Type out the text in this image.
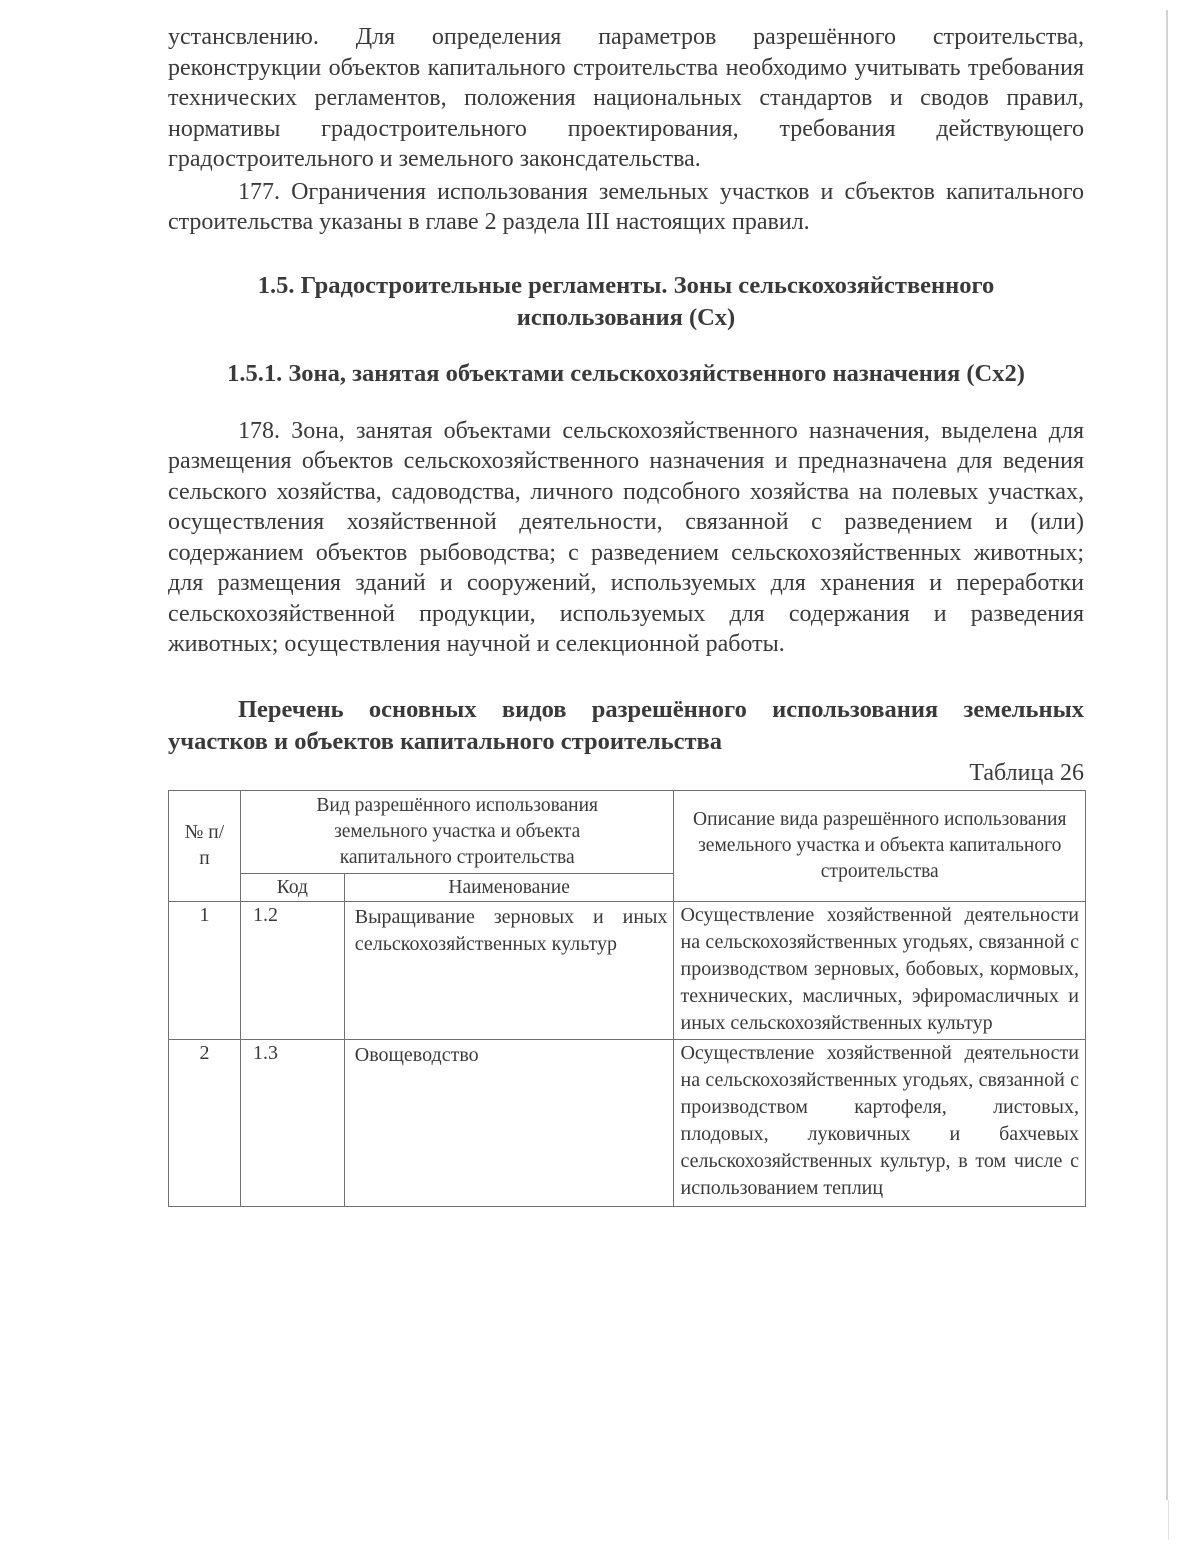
устансвлению. Для определения параметров разрешённого строительства, реконструкции объектов капитального строительства необходимо учитывать требования технических регламентов, положения национальных стандартов и сводов правил, нормативы градостроительного проектирования, требования действующего градостроительного и земельного законсдательства.

177. Ограничения использования земельных участков и сбъектов капитального строительства указаны в главе 2 раздела III настоящих правил.

1.5. Градостроительные регламенты. Зоны сельскохозяйственного использования (Сх)
1.5.1. Зона, занятая объектами сельскохозяйственного назначения (Сх2)

178. Зона, занятая объектами сельскохозяйственного назначения, выделена для размещения объектов сельскохозяйственного назначения и предназначена для ведения сельского хозяйства, садоводства, личного подсобного хозяйства на полевых участках, осуществления хозяйственной деятельности, связанной с разведением и (или) содержанием объектов рыбоводства; с разведением сельскохозяйственных животных; для размещения зданий и сооружений, используемых для хранения и переработки сельскохозяйственной продукции, используемых для содержания и разведения животных; осуществления научной и селекционной работы.

Перечень основных видов разрешённого использования земельных участков и объектов капитального строительства

Таблица 26

№ п/п	Вид разрешённого использования земельного участка и объекта капитального строительства		Описание вида разрешённого использования земельного участка и объекта капитального строительства
	Код	Наименование	
1	1.2	Выращивание зерновых и иных сельскохозяйственных культур	Осуществление хозяйственной деятельности на сельскохозяйственных угодьях, связанной с производством зерновых, бобовых, кормовых, технических, масличных, эфиромасличных и иных сельскохозяйственных культур
2	1.3	Овощеводство	Осуществление хозяйственной деятельности на сельскохозяйственных угодьях, связанной с производством картофеля, листовых, плодовых, луковичных и бахчевых сельскохозяйственных культур, в том числе с использованием теплиц
